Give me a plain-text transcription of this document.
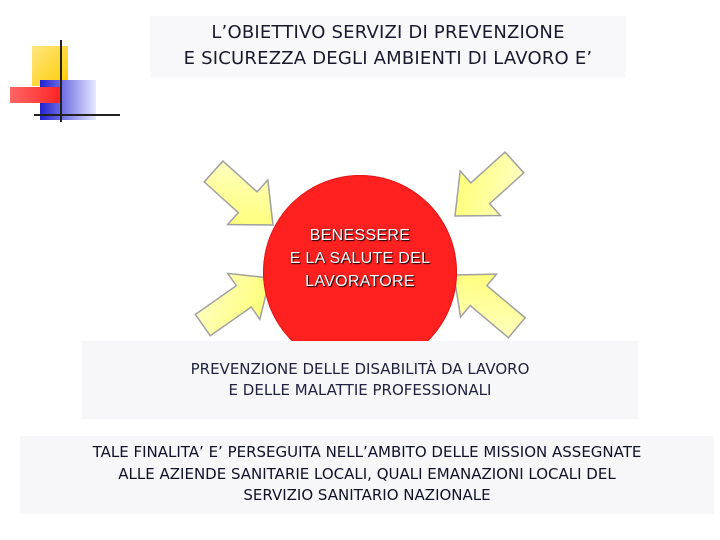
L’OBIETTIVO SERVIZI DI PREVENZIONE
E SICUREZZA DEGLI AMBIENTI DI LAVORO E’
BENESSERE
E LA SALUTE DEL
LAVORATORE
PREVENZIONE DELLE DISABILITÀ DA LAVORO
E DELLE MALATTIE PROFESSIONALI
TALE FINALITA’ E’ PERSEGUITA NELL’AMBITO DELLE MISSION ASSEGNATE
ALLE AZIENDE SANITARIE LOCALI, QUALI EMANAZIONI LOCALI DEL
SERVIZIO SANITARIO NAZIONALE
